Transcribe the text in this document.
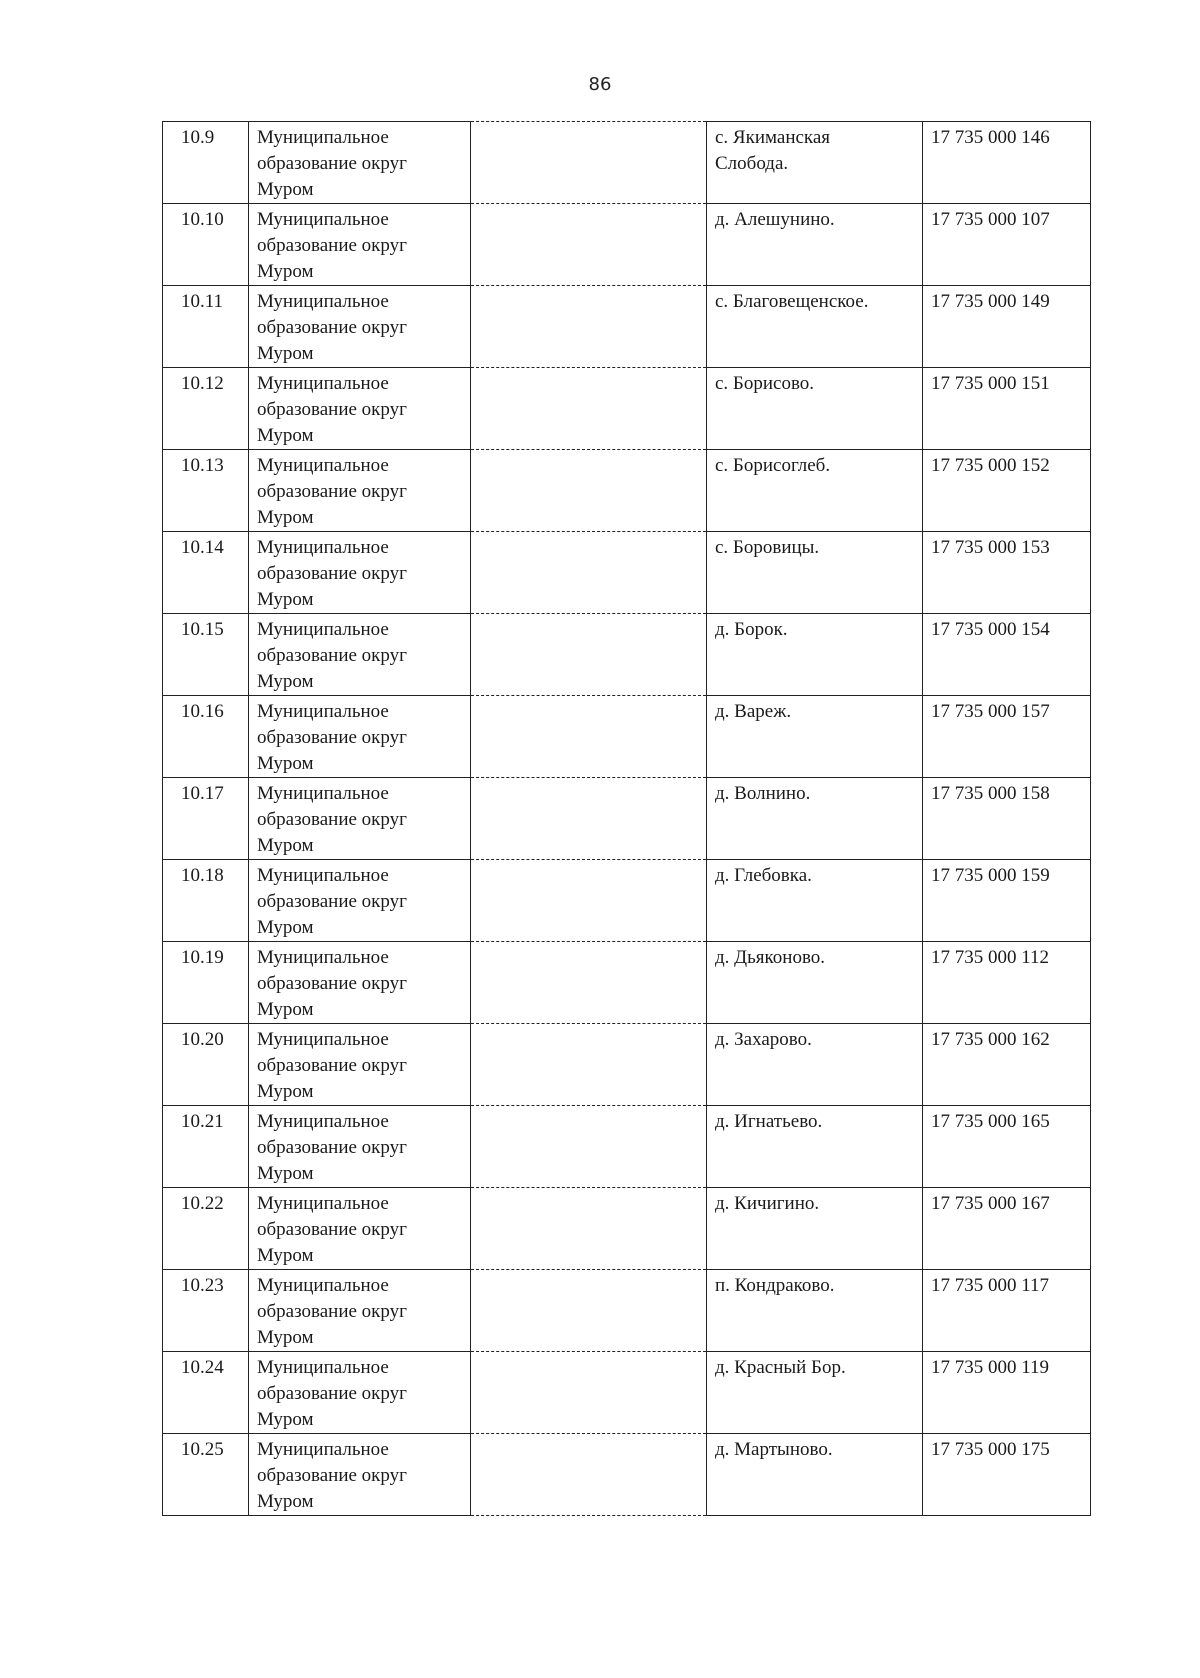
86
10.9	Муниципальное
образование округ
Муром		с. Якиманская
Слобода.	17 735 000 146
10.10	Муниципальное
образование округ
Муром		д. Алешунино.	17 735 000 107
10.11	Муниципальное
образование округ
Муром		с. Благовещенское.	17 735 000 149
10.12	Муниципальное
образование округ
Муром		с. Борисово.	17 735 000 151
10.13	Муниципальное
образование округ
Муром		с. Борисоглеб.	17 735 000 152
10.14	Муниципальное
образование округ
Муром		с. Боровицы.	17 735 000 153
10.15	Муниципальное
образование округ
Муром		д. Борок.	17 735 000 154
10.16	Муниципальное
образование округ
Муром		д. Вареж.	17 735 000 157
10.17	Муниципальное
образование округ
Муром		д. Волнино.	17 735 000 158
10.18	Муниципальное
образование округ
Муром		д. Глебовка.	17 735 000 159
10.19	Муниципальное
образование округ
Муром		д. Дьяконово.	17 735 000 112
10.20	Муниципальное
образование округ
Муром		д. Захарово.	17 735 000 162
10.21	Муниципальное
образование округ
Муром		д. Игнатьево.	17 735 000 165
10.22	Муниципальное
образование округ
Муром		д. Кичигино.	17 735 000 167
10.23	Муниципальное
образование округ
Муром		п. Кондраково.	17 735 000 117
10.24	Муниципальное
образование округ
Муром		д. Красный Бор.	17 735 000 119
10.25	Муниципальное
образование округ
Муром		д. Мартыново.	17 735 000 175
